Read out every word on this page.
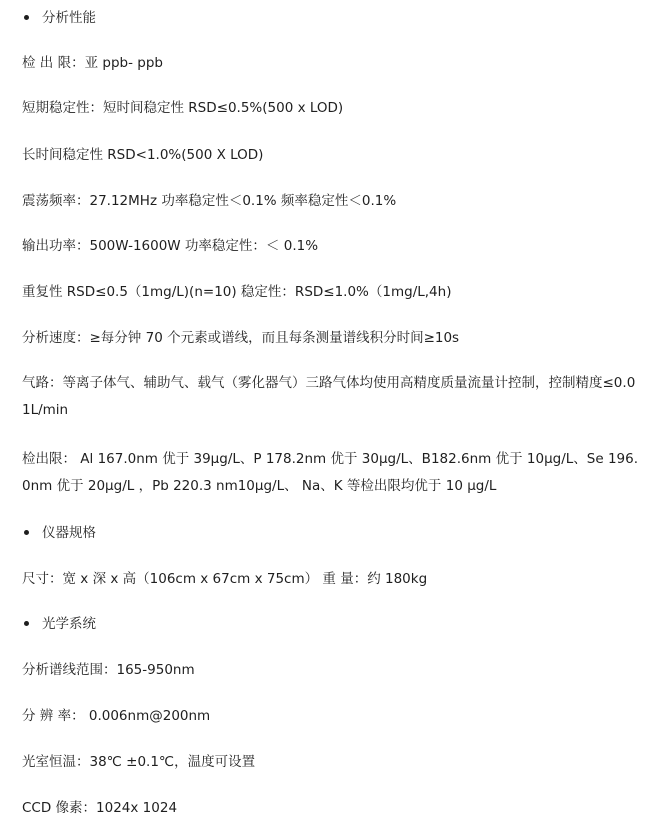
分析性能
检 出 限：亚 ppb- ppb
短期稳定性：短时间稳定性 RSD≤0.5%(500 x LOD)
长时间稳定性 RSD<1.0%(500 X LOD)
震荡频率：27.12MHz 功率稳定性＜0.1% 频率稳定性＜0.1%
输出功率：500W-1600W 功率稳定性：＜ 0.1%
重复性 RSD≤0.5（1mg/L)(n=10) 稳定性：RSD≤1.0%（1mg/L,4h)
分析速度：≥每分钟 70 个元素或谱线，而且每条测量谱线积分时间≥10s
气路：等离子体气、辅助气、载气（雾化器气）三路气体均使用高精度质量流量计控制，控制精度≤0.01L/min
检出限： Al 167.0nm 优于 39μg/L、P 178.2nm 优于 30μg/L、B182.6nm 优于 10μg/L、Se 196.0nm 优于 20μg/L ，Pb 220.3 nm10μg/L、 Na、K 等检出限均优于 10 μg/L
仪器规格
尺寸：宽 x 深 x 高（106cm x 67cm x 75cm） 重 量：约 180kg
光学系统
分析谱线范围：165-950nm
分 辨 率： 0.006nm@200nm
光室恒温：38℃ ±0.1℃，温度可设置
CCD 像素：1024x 1024
